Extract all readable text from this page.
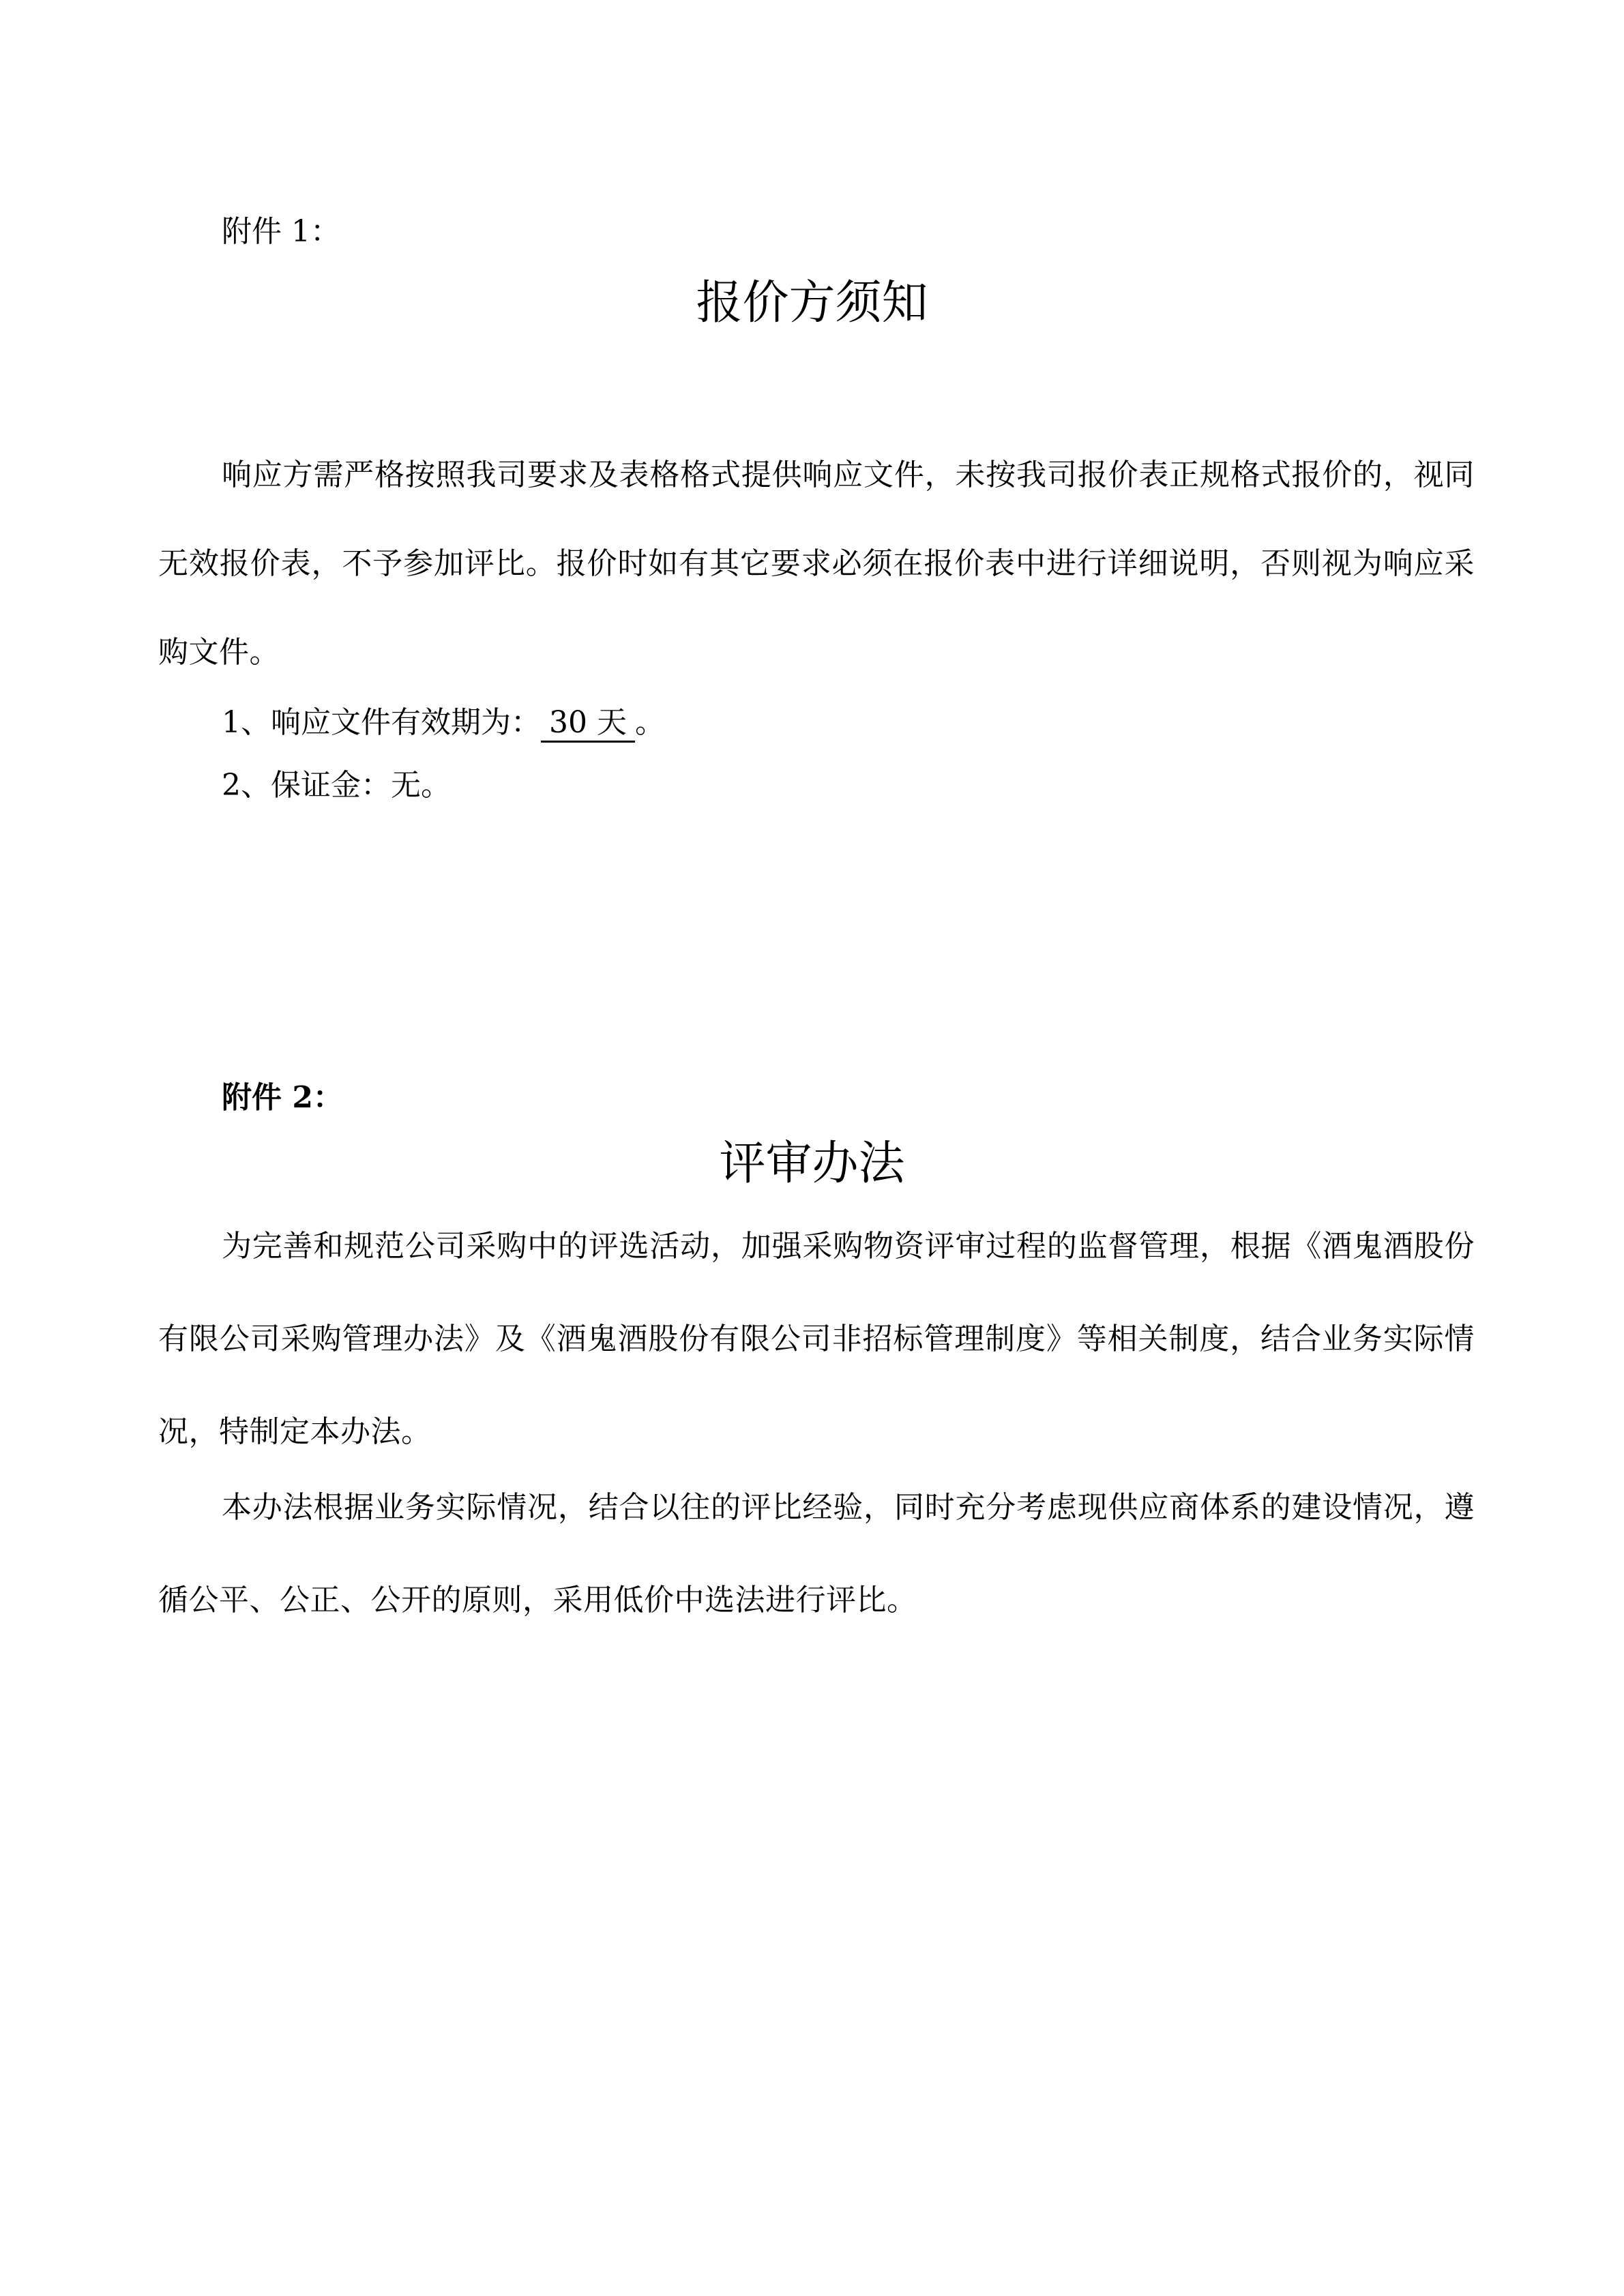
附件 1：
报价方须知
响应方需严格按照我司要求及表格格式提供响应文件，未按我司报价表正规格式报价的，视同无效报价表，不予参加评比。报价时如有其它要求必须在报价表中进行详细说明，否则视为响应采购文件。
1、响应文件有效期为： 30 天 。
2、保证金：无。
附件 2：
评审办法
为完善和规范公司采购中的评选活动，加强采购物资评审过程的监督管理，根据《酒鬼酒股份有限公司采购管理办法》及《酒鬼酒股份有限公司非招标管理制度》等相关制度，结合业务实际情况，特制定本办法。
本办法根据业务实际情况，结合以往的评比经验，同时充分考虑现供应商体系的建设情况，遵循公平、公正、公开的原则，采用低价中选法进行评比。
